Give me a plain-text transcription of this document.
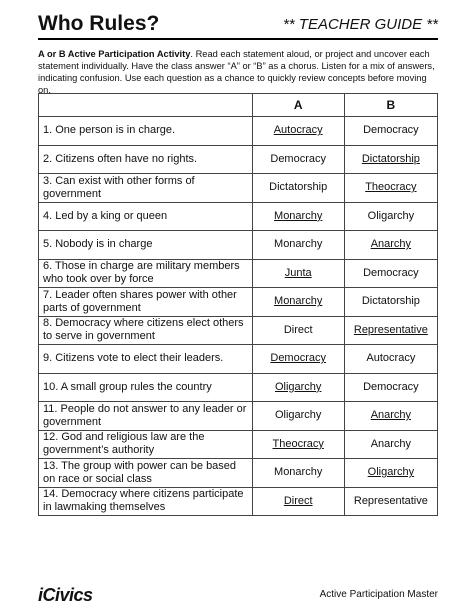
Who Rules?	** TEACHER GUIDE **
A or B Active Participation Activity. Read each statement aloud, or project and uncover each statement individually. Have the class answer “A” or “B” as a chorus. Listen for a mix of answers, indicating confusion. Use each question as a chance to quickly review concepts before moving on.
	A	B
1. One person is in charge.	Autocracy	Democracy
2. Citizens often have no rights.	Democracy	Dictatorship
3. Can exist with other forms of government	Dictatorship	Theocracy
4. Led by a king or queen	Monarchy	Oligarchy
5. Nobody is in charge	Monarchy	Anarchy
6. Those in charge are military members who took over by force	Junta	Democracy
7. Leader often shares power with other parts of government	Monarchy	Dictatorship
8. Democracy where citizens elect others to serve in government	Direct	Representative
9. Citizens vote to elect their leaders.	Democracy	Autocracy
10. A small group rules the country	Oligarchy	Democracy
11. People do not answer to any leader or government	Oligarchy	Anarchy
12. God and religious law are the government’s authority	Theocracy	Anarchy
13. The group with power can be based on race or social class	Monarchy	Oligarchy
14. Democracy where citizens participate in lawmaking themselves	Direct	Representative
iCivics	Active Participation Master
